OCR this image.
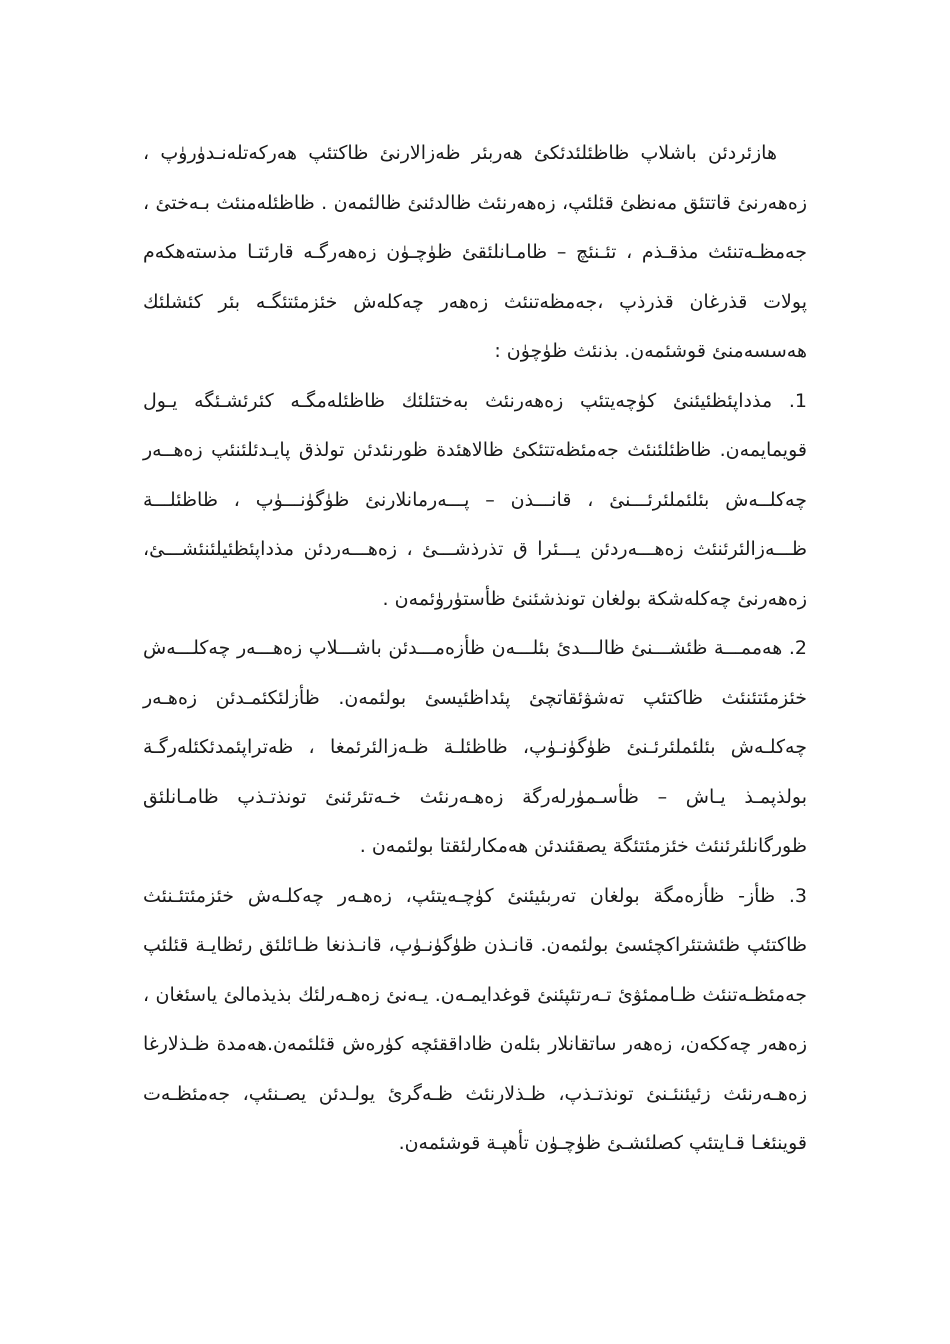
هازئردئن باشلاپ ظاظئلئدئكئ هەربئر ظەزالارنئ ظاكتئپ هەركەتلەنـدۈرۈپ ، زەهەرنئ قاتتئق مەنظئ قئلئپ، زەهەرنئث ظالدئنئ ظالئمەن . ظاظئلەمنئث بـەختئ ، جەمظـەتنئث مذقـذم ، تئـنئچ – ظامـانلئقئ ظۈچـۈن زەهەرگـە قارئتـا مذستەهكەم پولات قذرغان قذرذپ ،جەمظەتنئث زەهەر چەكلەش خئزمئتئگـە بئر كئشلئك هەسسەمنئ قوشئمەن. بذنئث ظۈچۈن :

1. مذداپئظئيئنئ كۈچەيتئپ زەهەرنئث بەختئلئك ظاظئلەمگـە كئرئشـئگە يـول قويمايمەن. ظاظئلئنئث جەمئظەتتئكئ ظالاهئدة ظورنئدئن تولذق پايـدئلئنئپ زەهــەر چەكلــەش بئلئملئرئـــنئ ، قانـــذن – پـــەرمانلارنئ ظۈگۈنـــۈپ ، ظاظئلـــة ظـــەزالئرئنئث زەهـــەردئن يـــئرا ق تذرذشـــئ ، زەهـــەردئن مذداپئظئيلئنئشـــئ، زەهەرنئ چەكلەشكة بولغان تونذشئنئ ظأستۈرۈئمەن .

2. هەممـــة ظئشـــنئ ظالـــدئ بئلـــەن ظأزەمـــدئن باشـــلاپ زەهـــەر چەكلـــەش خئزمئتئنئث ظاكتئپ تەشۋئقاتچئ پئداظئيسئ بولئمەن. ظأزلئكئمـدئن زەهـەر چەكلـەش بئلئملئرئـنئ ظۈگۈنـۈپ، ظاظئلـة ظـەزالئرئمغا ، ظەتراپئمدئكئلەرگـة بولذپمـذ يـاش – ظأسـمۈرلەرگة زەهـەرنئث خـەتئرئنئ تونذتـذپ ظامـانلئق ظورگانلئرئنئث خئزمئتئگة يصقئندئن هەمكارلئقتا بولئمەن .

3. ظأز- ظأزەمگة بولغان تەربئيئنئ كۈچـەيتئپ، زەهـەر چەكلـەش خئزمئتئـنئث ظاكتئپ ظئشتئراكچئسئ بولئمەن. قانـذن ظۈگۈنـۈپ، قانـذنغا ظـائلئق رئظايـة قئلئپ جەمئظـەتنئث ظـاممئۋئ تـەرتئپئنئ قوغدايمـەن. يـەنئ زەهـەرلئك بذيذمالئ ياسئغان ، زەهەر چەككەن، زەهەر ساتقانلار بئلەن ظاداققئچە كۈرەش قئلئمەن.هەمدة ظـذلارغا زەهـەرنئث زئيئنئـنئ تونذتـذپ، ظـذلارنئث ظـەگرئ يولـدئن يصـنئپ، جەمئظـەت قوينئغـا قـايتئپ كصلئشـئ ظۈچـۈن تأهپـة قوشئمەن.
